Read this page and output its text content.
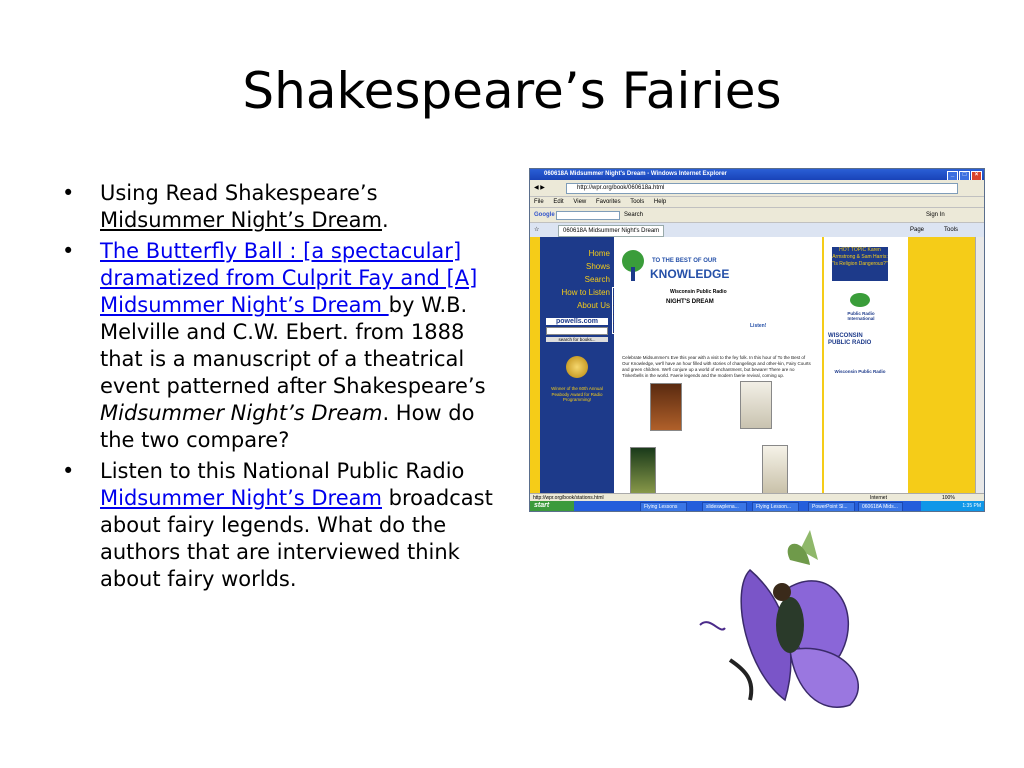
Shakespeare’s Fairies
• Using Read Shakespeare’s Midsummer Night’s Dream.
• The Butterfly Ball : [a spectacular] dramatized from Culprit Fay and [A] Midsummer Night’s Dream by W.B. Melville and C.W. Ebert. from 1888 that is a manuscript of a theatrical event patterned after Shakespeare’s Midsummer Night’s Dream. How do the two compare?
• Listen to this National Public Radio Midsummer Night’s Dream broadcast about fairy legends. What do the authors that are interviewed think about fairy worlds.
060618A Midsummer Night's Dream - Windows Internet Explorer	_ □ ×
◀ ▶	http://wpr.org/book/060618a.html
File Edit View Favorites Tools Help
Google	Search	Sign In
☆	060618A Midsummer Night's Dream	Page	Tools
Home
Shows
Search
How to Listen
About Us
powells.com
search for books...
Winner of the 60th Annual Peabody Award for Radio Programming!
TO THE BEST OF OUR
KNOWLEDGE
Wisconsin Public Radio
NIGHT'S DREAM
Listen!
Celebrate Midsummer's Eve this year with a visit to the fey folk. In this hour of To the Best of Our Knowledge, we'll have an hour filled with stories of changelings and other-kin, Fairy Courts and green children. We'll conjure up a world of enchantment, but beware! There are no Tinkerbells in the world. Faerie legends and the modern faerie revival, coming up.
HOT TOPIC Karen Armstrong & Sam Harris: "Is Religion Dangerous?"
Public Radio International
WISCONSIN PUBLIC RADIO
Wisconsin Public Radio
http://wpr.org/book/stations.html	Internet	100%
start	Flying Lessons	slideswplena...	Flying Lesson...	PowerPoint Sl...	060618A Mids...	1:35 PM
